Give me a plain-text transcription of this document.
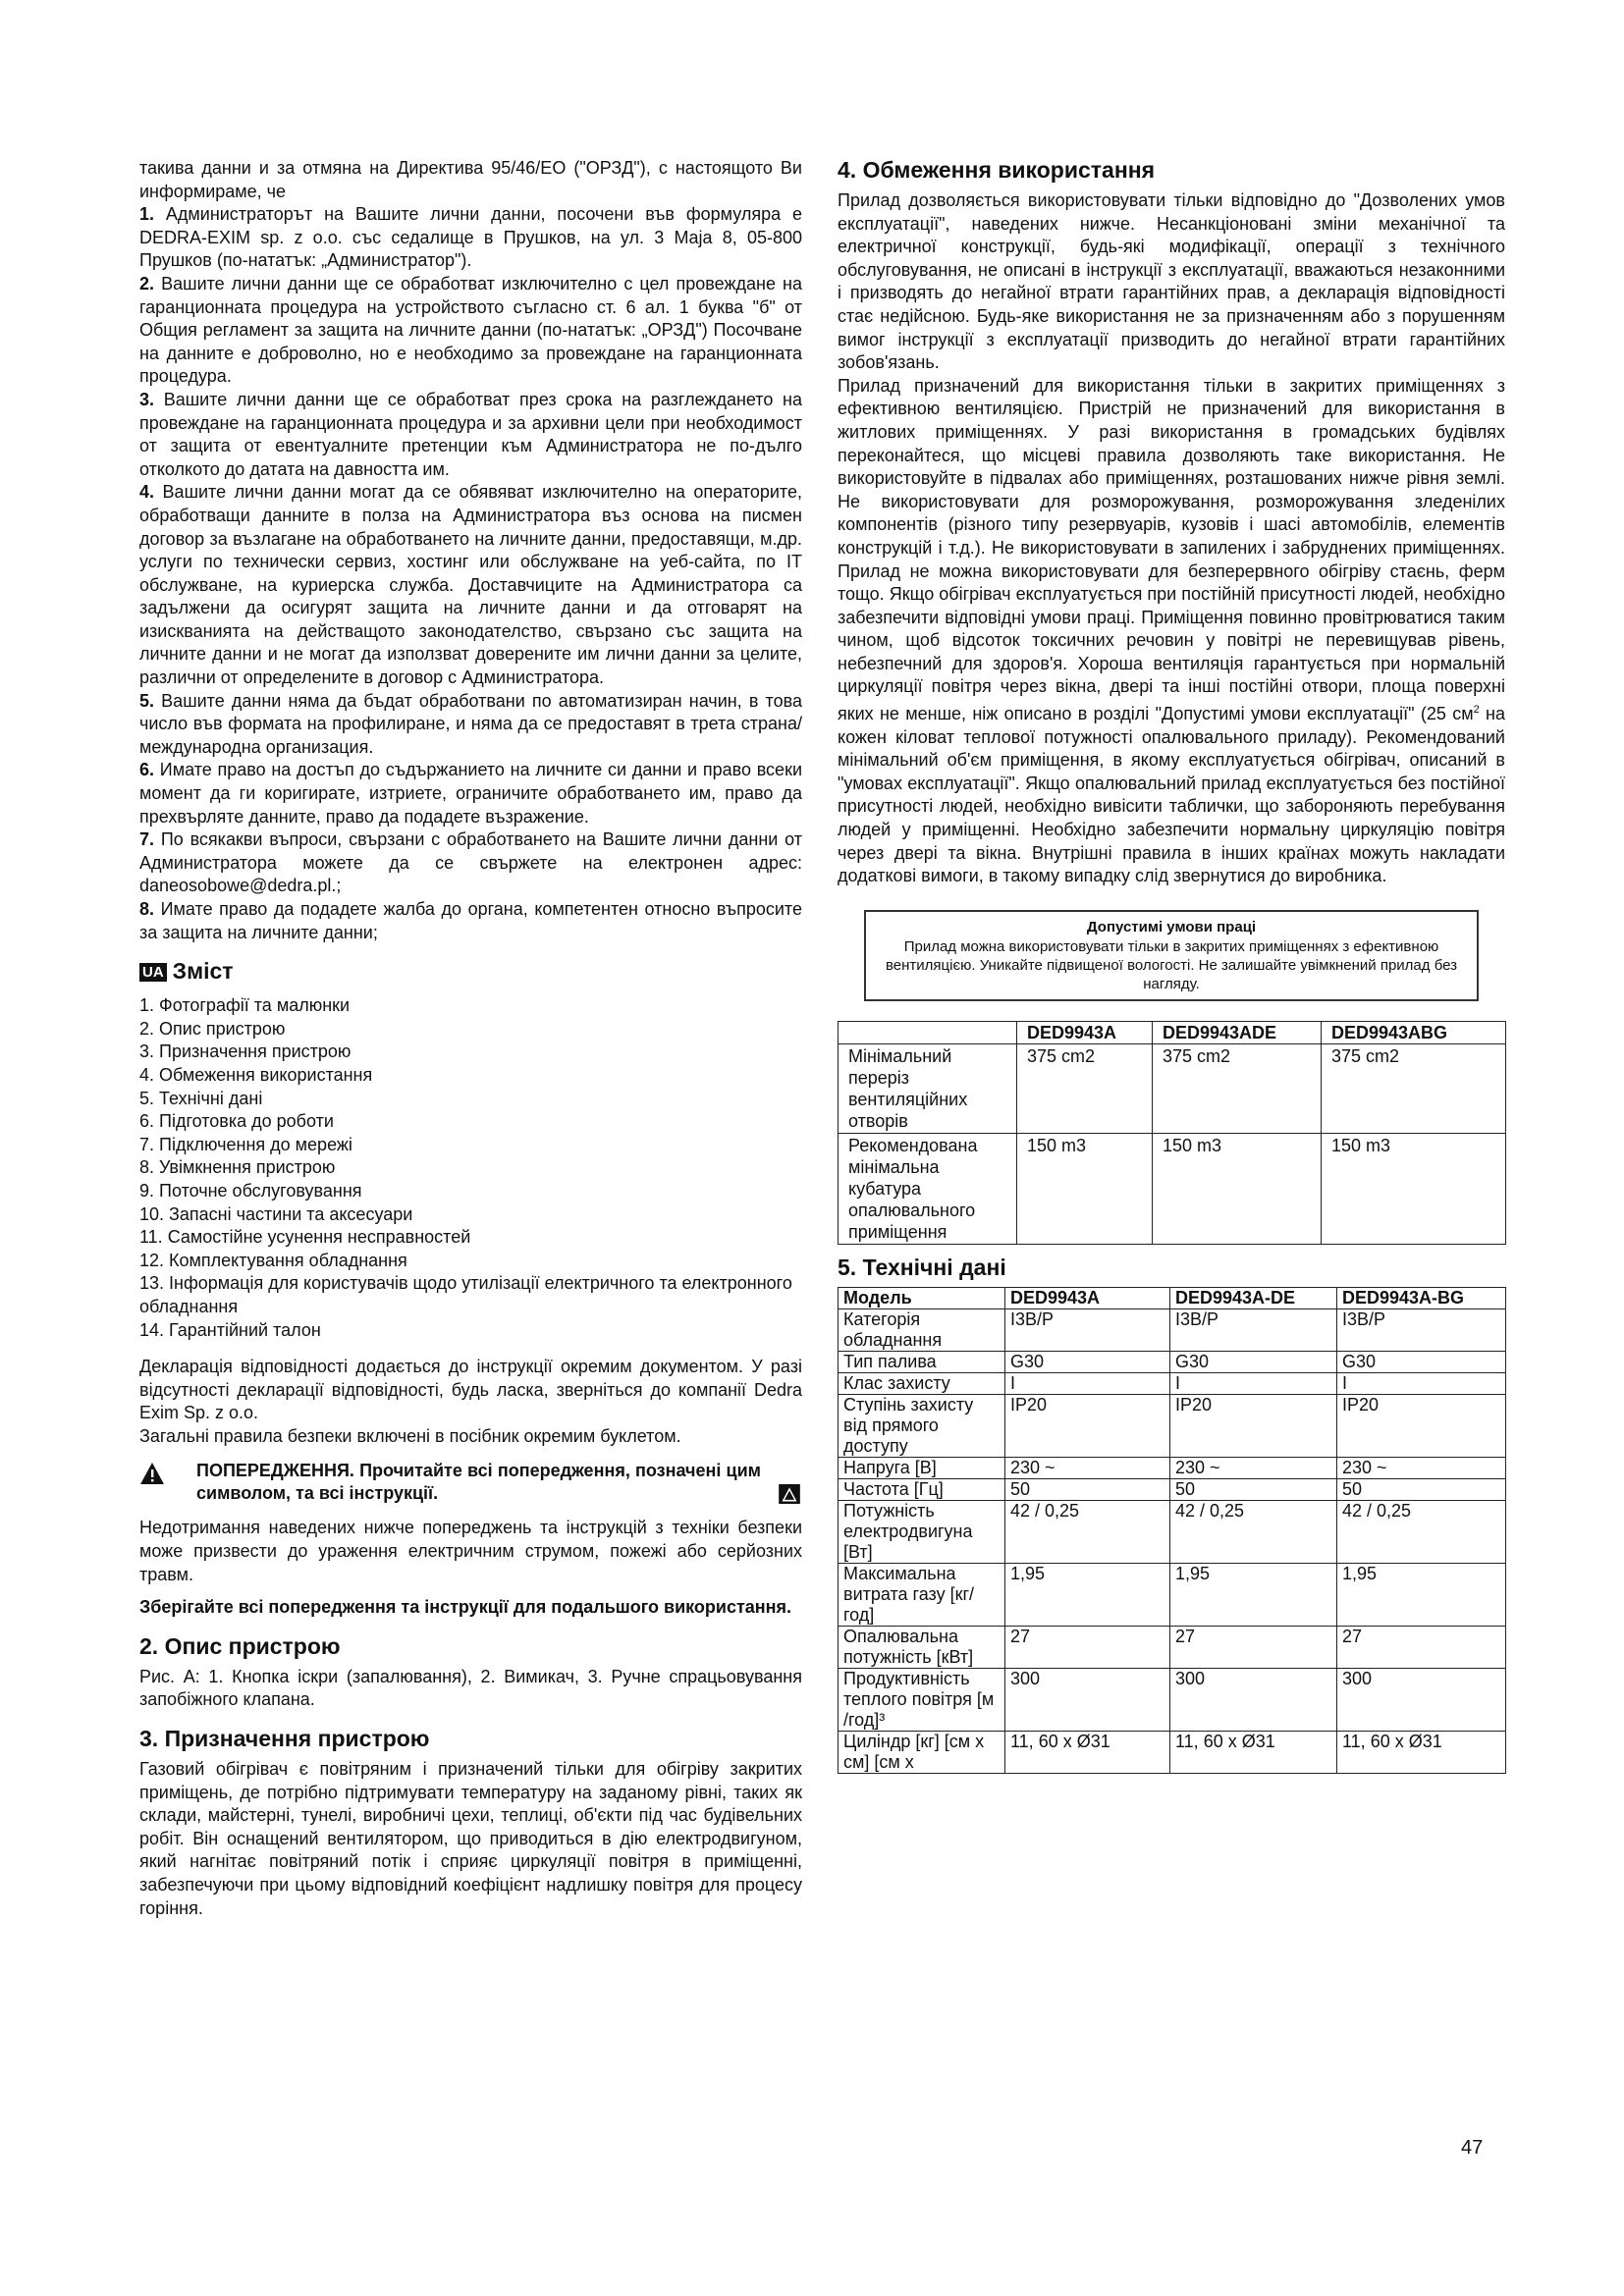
такива данни и за отмяна на Директива 95/46/ЕО ("ОРЗД"), с настоящото Ви информираме, че

1. Администраторът на Вашите лични данни, посочени във формуляра е DEDRA-EXIM sp. z o.o. със седалище в Прушков, на ул. 3 Maja 8, 05-800 Прушков (по-нататък: „Администратор").

2. Вашите лични данни ще се обработват изключително с цел провеждане на гаранционната процедура на устройството съгласно ст. 6 ал. 1 буква "б" от Общия регламент за защита на личните данни (по-нататък: „ОРЗД") Посочване на данните е доброволно, но е необходимо за провеждане на гаранционната процедура.

3. Вашите лични данни ще се обработват през срока на разглеждането на провеждане на гаранционната процедура и за архивни цели при необходимост от защита от евентуалните претенции към Администратора не по-дълго отколкото до датата на давността им.

4. Вашите лични данни могат да се обявяват изключително на операторите, обработващи данните в полза на Администратора въз основа на писмен договор за възлагане на обработването на личните данни, предоставящи, м.др. услуги по технически сервиз, хостинг или обслужване на уеб-сайта, по IT обслужване, на куриерска служба. Доставчиците на Администратора са задължени да осигурят защита на личните данни и да отговарят на изискванията на действащото законодателство, свързано със защита на личните данни и не могат да използват доверените им лични данни за целите, различни от определените в договор с Администратора.

5. Вашите данни няма да бъдат обработвани по автоматизиран начин, в това число във формата на профилиране, и няма да се предоставят в трета страна/международна организация.

6. Имате право на достъп до съдържанието на личните си данни и право всеки момент да ги коригирате, изтриете, ограничите обработването им, право да прехвърляте данните, право да подадете възражение.

7. По всякакви въпроси, свързани с обработването на Вашите лични данни от Администратора можете да се свържете на електронен адрес: daneosobowe@dedra.pl.;

8. Имате право да подадете жалба до органа, компетентен относно въпросите за защита на личните данни;

UA Зміст
1. Фотографії та малюнки
2. Опис пристрою
3. Призначення пристрою
4. Обмеження використання
5. Технічні дані
6. Підготовка до роботи
7. Підключення до мережі
8. Увімкнення пристрою
9. Поточне обслуговування
10. Запасні частини та аксесуари
11. Самостійне усунення несправностей
12. Комплектування обладнання
13. Інформація для користувачів щодо утилізації електричного та електронного обладнання
14. Гарантійний талон

Декларація відповідності додається до інструкції окремим документом. У разі відсутності декларації відповідності, будь ласка, зверніться до компанії Dedra Exim Sp. z o.o.

Загальні правила безпеки включені в посібник окремим буклетом.

ПОПЕРЕДЖЕННЯ. Прочитайте всі попередження, позначені цим символом, та всі інструкції.

Недотримання наведених нижче попереджень та інструкцій з техніки безпеки може призвести до ураження електричним струмом, пожежі або серйозних травм.

Зберігайте всі попередження та інструкції для подальшого використання.

2. Опис пристрою

Рис. A: 1. Кнопка іскри (запалювання), 2. Вимикач, 3. Ручне спрацьовування запобіжного клапана.

3. Призначення пристрою

Газовий обігрівач є повітряним і призначений тільки для обігріву закритих приміщень, де потрібно підтримувати температуру на заданому рівні, таких як склади, майстерні, тунелі, виробничі цехи, теплиці, об'єкти під час будівельних робіт. Він оснащений вентилятором, що приводиться в дію електродвигуном, який нагнітає повітряний потік і сприяє циркуляції повітря в приміщенні, забезпечуючи при цьому відповідний коефіцієнт надлишку повітря для процесу горіння.

4. Обмеження використання

Прилад дозволяється використовувати тільки відповідно до "Дозволених умов експлуатації", наведених нижче. Несанкціоновані зміни механічної та електричної конструкції, будь-які модифікації, операції з технічного обслуговування, не описані в інструкції з експлуатації, вважаються незаконними і призводять до негайної втрати гарантійних прав, а декларація відповідності стає недійсною. Будь-яке використання не за призначенням або з порушенням вимог інструкції з експлуатації призводить до негайної втрати гарантійних зобов'язань.

Прилад призначений для використання тільки в закритих приміщеннях з ефективною вентиляцією. Пристрій не призначений для використання в житлових приміщеннях. У разі використання в громадських будівлях переконайтеся, що місцеві правила дозволяють таке використання. Не використовуйте в підвалах або приміщеннях, розташованих нижче рівня землі. Не використовувати для розморожування, розморожування зледенілих компонентів (різного типу резервуарів, кузовів і шасі автомобілів, елементів конструкцій і т.д.). Не використовувати в запилених і забруднених приміщеннях. Прилад не можна використовувати для безперервного обігріву стаєнь, ферм тощо. Якщо обігрівач експлуатується при постійній присутності людей, необхідно забезпечити відповідні умови праці. Приміщення повинно провітрюватися таким чином, щоб відсоток токсичних речовин у повітрі не перевищував рівень, небезпечний для здоров'я. Хороша вентиляція гарантується при нормальній циркуляції повітря через вікна, двері та інші постійні отвори, площа поверхні яких не менше, ніж описано в розділі "Допустимі умови експлуатації" (25 $см^2$ на кожен кіловат теплової потужності опалювального приладу). Рекомендований мінімальний об'єм приміщення, в якому експлуатується обігрівач, описаний в "умовах експлуатації". Якщо опалювальний прилад експлуатується без постійної присутності людей, необхідно вивісити таблички, що забороняють перебування людей у приміщенні. Необхідно забезпечити нормальну циркуляцію повітря через двері та вікна. Внутрішні правила в інших країнах можуть накладати додаткові вимоги, в такому випадку слід звернутися до виробника.

Допустимі умови праці
Прилад можна використовувати тільки в закритих приміщеннях з ефективною вентиляцією. Уникайте підвищеної вологості. Не залишайте увімкнений прилад без нагляду.
	DED9943A	DED9943ADE	DED9943ABG
Мінімальний переріз вентиляційних отворів	375 cm2	375 cm2	375 cm2
Рекомендована мінімальна кубатура опалювального приміщення	150 m3	150 m3	150 m3
5. Технічні дані
Модель	DED9943A	DED9943A-DE	DED9943A-BG
Категорія обладнання	I3B/P	I3B/P	I3B/P
Тип палива	G30	G30	G30
Клас захисту	I	I	I
Ступінь захисту від прямого доступу	IP20	IP20	IP20
Напруга [В]	230 ~	230 ~	230 ~
Частота [Гц]	50	50	50
Потужність електродвигуна [Вт]	42 / 0,25	42 / 0,25	42 / 0,25
Максимальна витрата газу [кг/год]	1,95	1,95	1,95
Опалювальна потужність [кВт]	27	27	27
Продуктивність теплого повітря [м /год]³	300	300	300
Циліндр [кг] [см x см] [см x	11, 60 x Ø31	11, 60 x Ø31	11, 60 x Ø31
47
